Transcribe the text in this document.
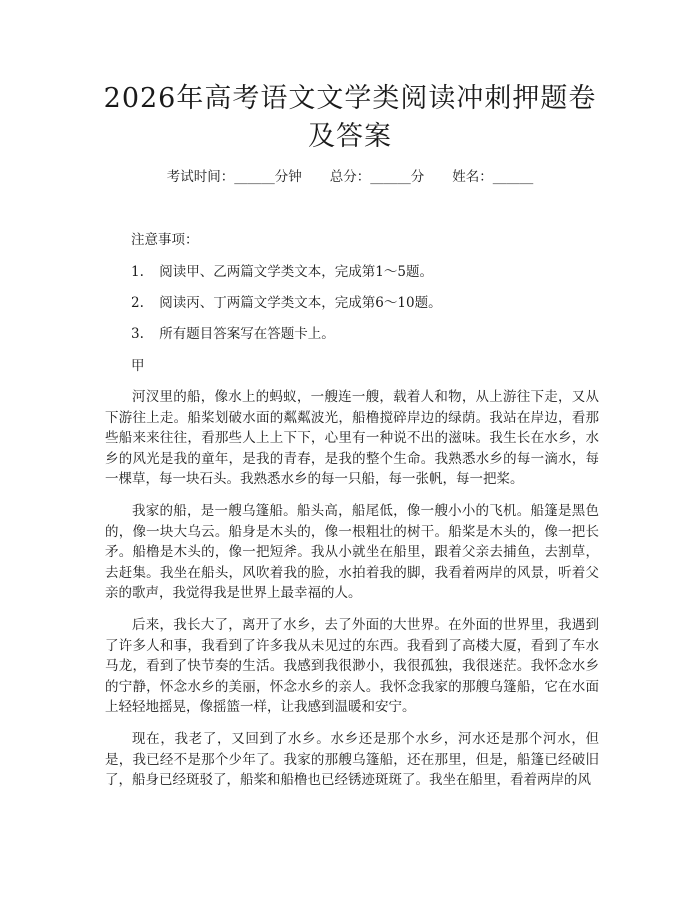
2026年高考语文文学类阅读冲刺押题卷及答案
考试时间：______分钟 总分：______分 姓名：______
注意事项：
1. 阅读甲、乙两篇文学类文本，完成第1～5题。
2. 阅读丙、丁两篇文学类文本，完成第6～10题。
3. 所有题目答案写在答题卡上。
甲

河汊里的船，像水上的蚂蚁，一艘连一艘，载着人和物，从上游往下走，又从下游往上走。船桨划破水面的粼粼波光，船橹搅碎岸边的绿荫。我站在岸边，看那些船来来往往，看那些人上上下下，心里有一种说不出的滋味。我生长在水乡，水乡的风光是我的童年，是我的青春，是我的整个生命。我熟悉水乡的每一滴水，每一棵草，每一块石头。我熟悉水乡的每一只船，每一张帆，每一把桨。

我家的船，是一艘乌篷船。船头高，船尾低，像一艘小小的飞机。船篷是黑色的，像一块大乌云。船身是木头的，像一根粗壮的树干。船桨是木头的，像一把长矛。船橹是木头的，像一把短斧。我从小就坐在船里，跟着父亲去捕鱼，去割草，去赶集。我坐在船头，风吹着我的脸，水拍着我的脚，我看着两岸的风景，听着父亲的歌声，我觉得我是世界上最幸福的人。

后来，我长大了，离开了水乡，去了外面的大世界。在外面的世界里，我遇到了许多人和事，我看到了许多我从未见过的东西。我看到了高楼大厦，看到了车水马龙，看到了快节奏的生活。我感到我很渺小，我很孤独，我很迷茫。我怀念水乡的宁静，怀念水乡的美丽，怀念水乡的亲人。我怀念我家的那艘乌篷船，它在水面上轻轻地摇晃，像摇篮一样，让我感到温暖和安宁。

现在，我老了，又回到了水乡。水乡还是那个水乡，河水还是那个河水，但是，我已经不是那个少年了。我家的那艘乌篷船，还在那里，但是，船篷已经破旧了，船身已经斑驳了，船桨和船橹也已经锈迹斑斑了。我坐在船里，看着两岸的风
